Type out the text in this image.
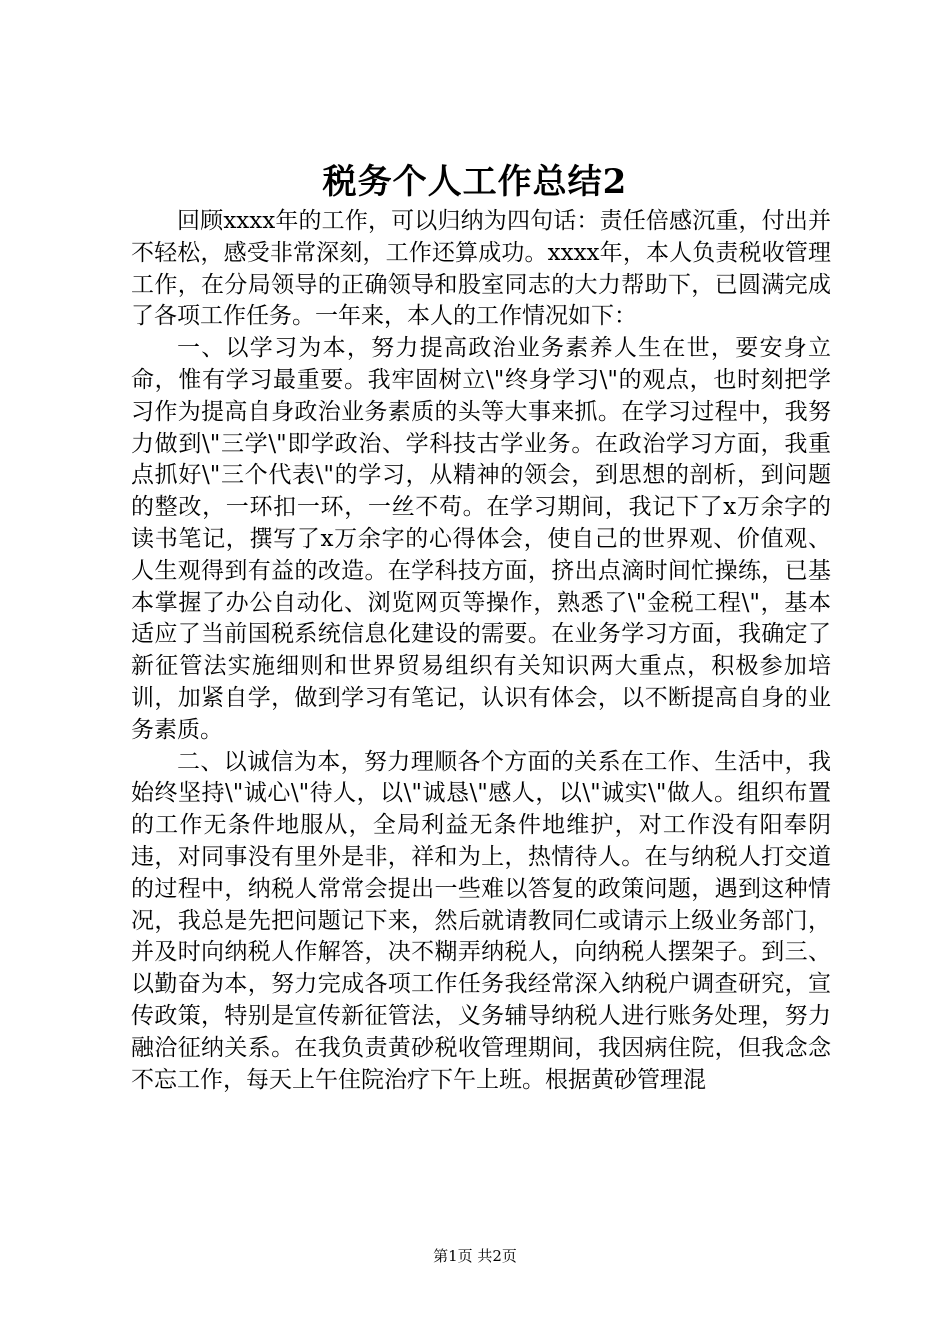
税务个人工作总结2

回顾xxxx年的工作，可以归纳为四句话：责任倍感沉重，付出并不轻松，感受非常深刻，工作还算成功。xxxx年，本人负责税收管理工作，在分局领导的正确领导和股室同志的大力帮助下，已圆满完成了各项工作任务。一年来，本人的工作情况如下：

一、以学习为本，努力提高政治业务素养人生在世，要安身立命，惟有学习最重要。我牢固树立\"终身学习\"的观点，也时刻把学习作为提高自身政治业务素质的头等大事来抓。在学习过程中，我努力做到\"三学\"即学政治、学科技古学业务。在政治学习方面，我重点抓好\"三个代表\"的学习，从精神的领会，到思想的剖析，到问题的整改，一环扣一环，一丝不苟。在学习期间，我记下了x万余字的读书笔记，撰写了x万余字的心得体会，使自己的世界观、价值观、人生观得到有益的改造。在学科技方面，挤出点滴时间忙操练，已基本掌握了办公自动化、浏览网页等操作，熟悉了\"金税工程\"，基本适应了当前国税系统信息化建设的需要。在业务学习方面，我确定了新征管法实施细则和世界贸易组织有关知识两大重点，积极参加培训，加紧自学，做到学习有笔记，认识有体会，以不断提高自身的业务素质。

二、以诚信为本，努力理顺各个方面的关系在工作、生活中，我始终坚持\"诚心\"待人，以\"诚恳\"感人，以\"诚实\"做人。组织布置的工作无条件地服从，全局利益无条件地维护，对工作没有阳奉阴违，对同事没有里外是非，祥和为上，热情待人。在与纳税人打交道的过程中，纳税人常常会提出一些难以答复的政策问题，遇到这种情况，我总是先把问题记下来，然后就请教同仁或请示上级业务部门，并及时向纳税人作解答，决不糊弄纳税人，向纳税人摆架子。到三、以勤奋为本，努力完成各项工作任务我经常深入纳税户调查研究，宣传政策，特别是宣传新征管法，义务辅导纳税人进行账务处理，努力融洽征纳关系。在我负责黄砂税收管理期间，我因病住院，但我念念不忘工作，每天上午住院治疗下午上班。根据黄砂管理混

第1页 共2页
